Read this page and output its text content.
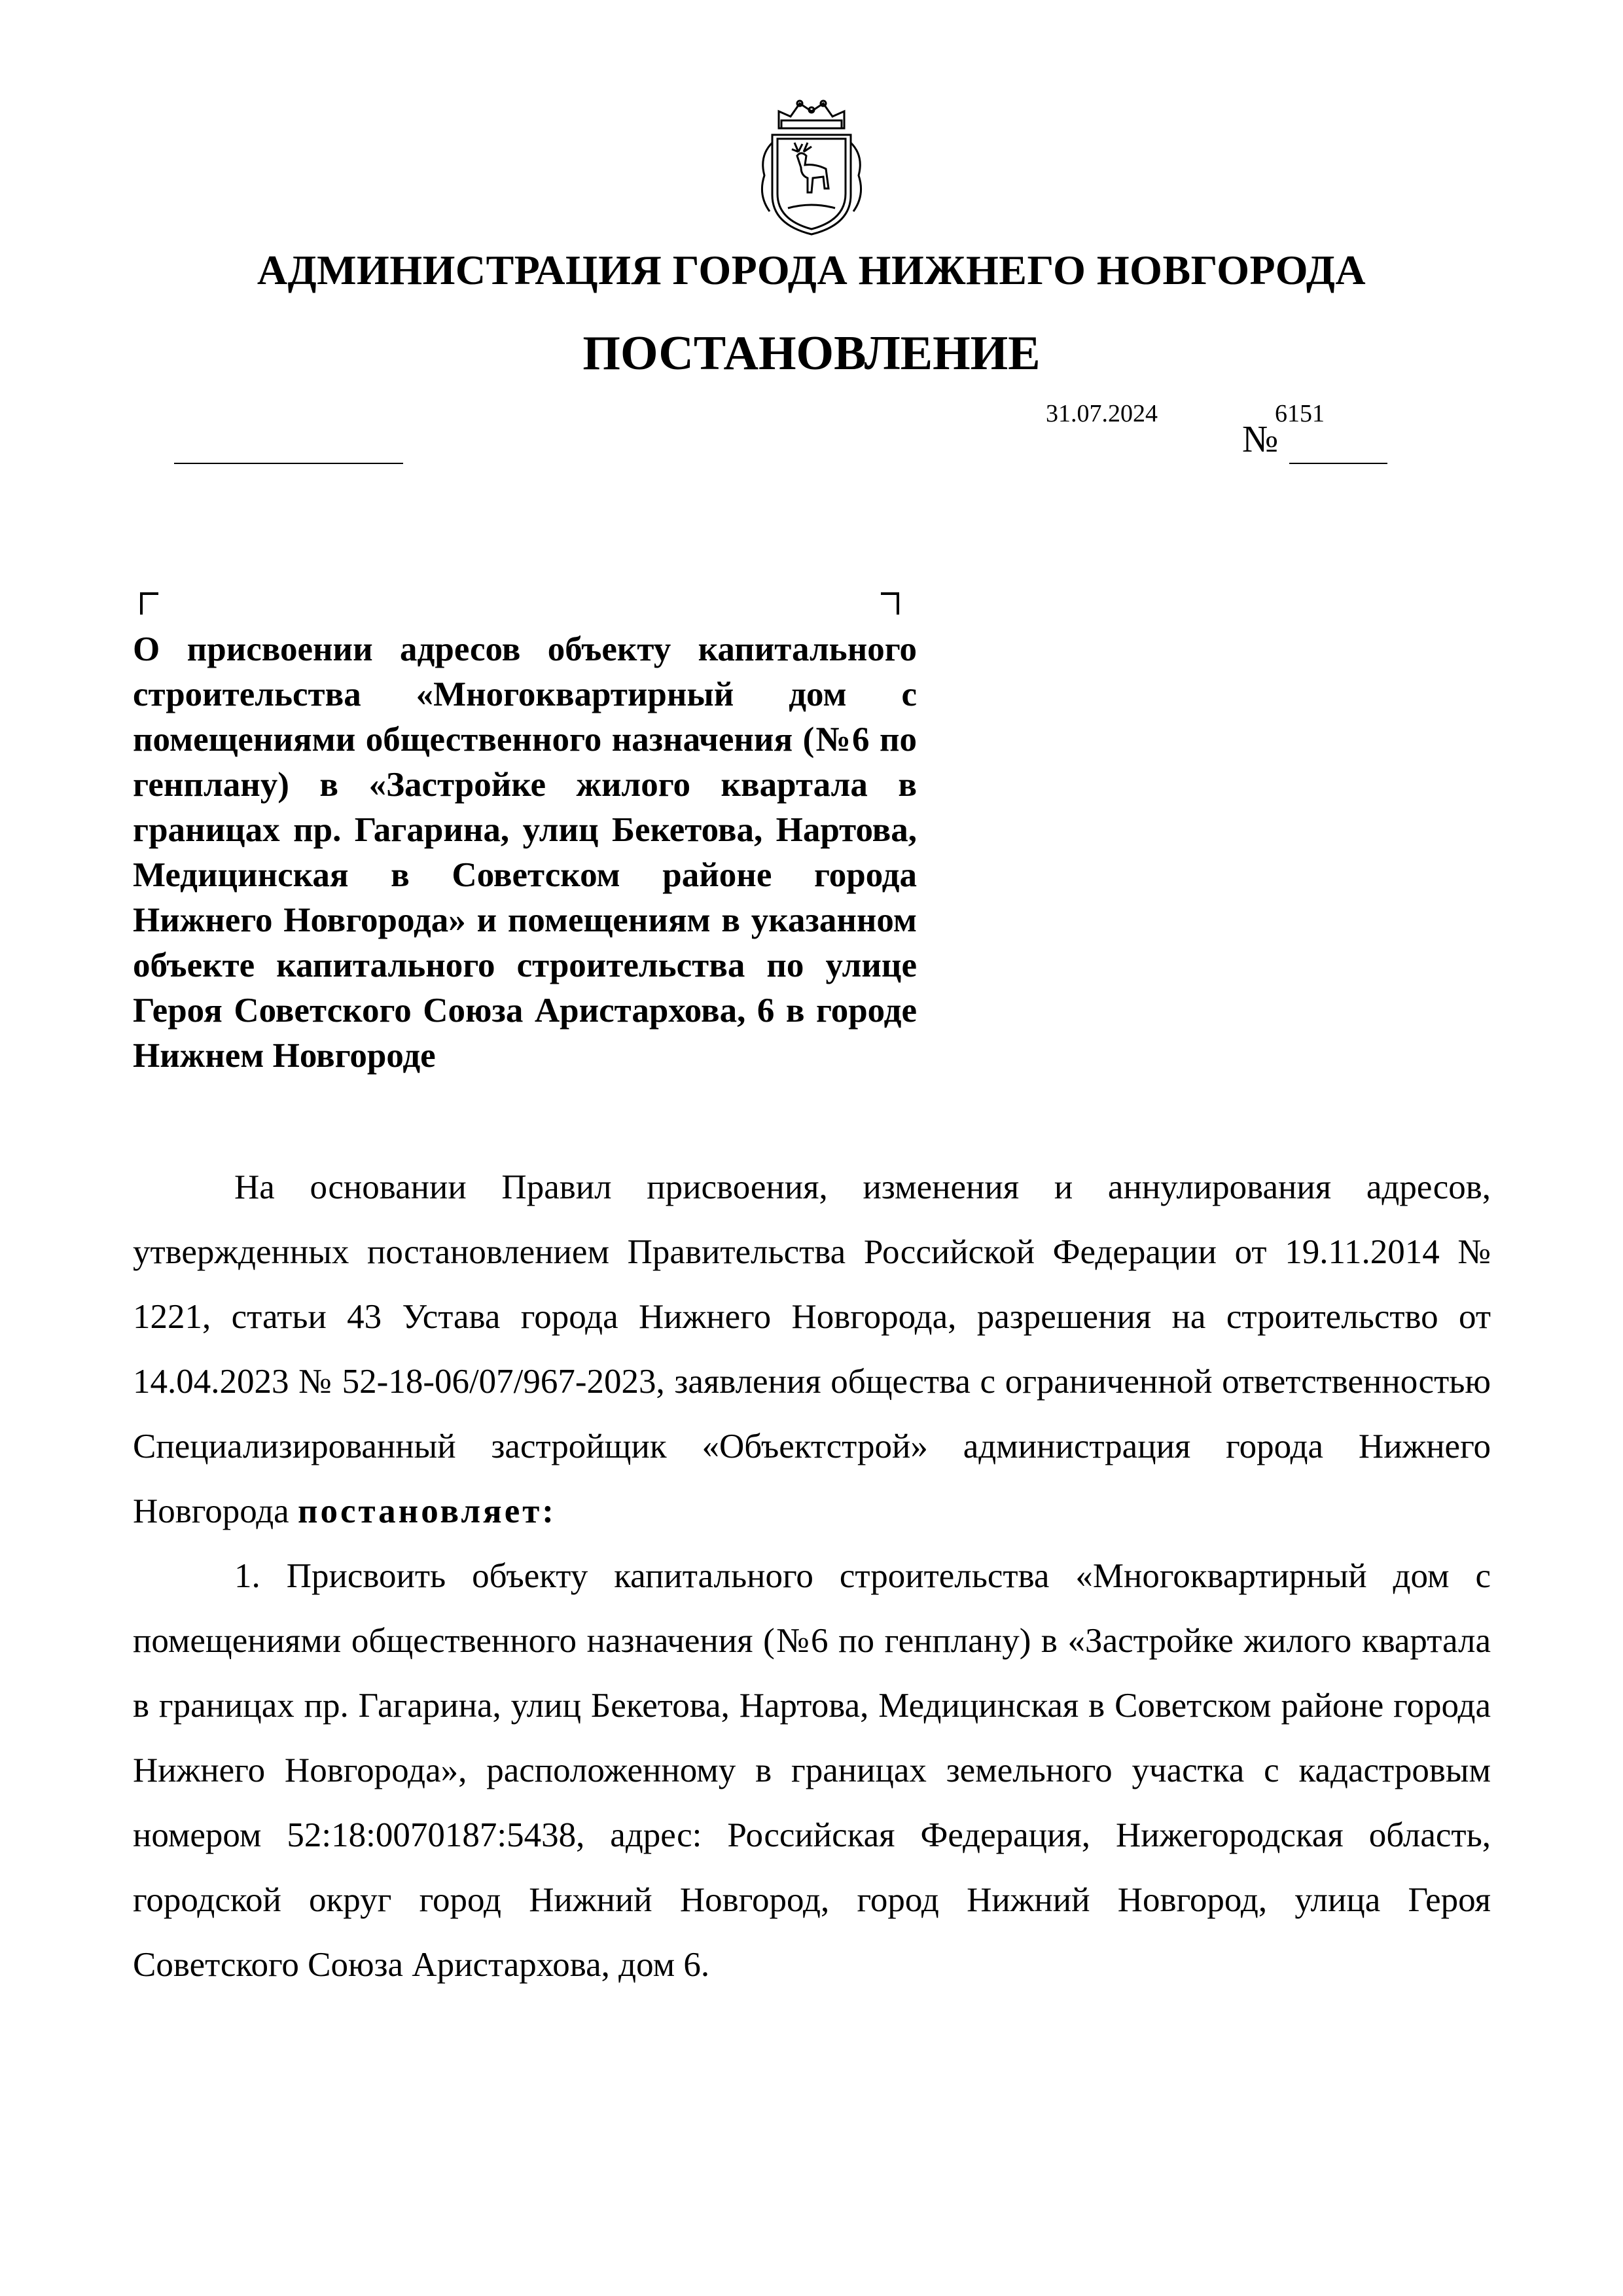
АДМИНИСТРАЦИЯ ГОРОДА НИЖНЕГО НОВГОРОДА
ПОСТАНОВЛЕНИЕ
31.07.2024
№
6151
О присвоении адресов объекту капитального строительства «Многоквартирный дом с помещениями общественного назначения (№6 по генплану) в «Застройке жилого квартала в границах пр. Гагарина, улиц Бекетова, Нартова, Медицинская в Советском районе города Нижнего Новгорода» и помещениям в указанном объекте капитального строительства по улице Героя Советского Союза Аристархова, 6 в городе Нижнем Новгороде

На основании Правил присвоения, изменения и аннулирования адресов, утвержденных постановлением Правительства Российской Федерации от 19.11.2014 № 1221, статьи 43 Устава города Нижнего Новгорода, разрешения на строительство от 14.04.2023 № 52-18-06/07/967-2023, заявления общества с ограниченной ответственностью Специализированный застройщик «Объектстрой» администрация города Нижнего Новгорода постановляет:

1. Присвоить объекту капитального строительства «Многоквартирный дом с помещениями общественного назначения (№6 по генплану) в «Застройке жилого квартала в границах пр. Гагарина, улиц Бекетова, Нартова, Медицинская в Советском районе города Нижнего Новгорода», расположенному в границах земельного участка с кадастровым номером 52:18:0070187:5438, адрес: Российская Федерация, Нижегородская область, городской округ город Нижний Новгород, город Нижний Новгород, улица Героя Советского Союза Аристархова, дом 6.
